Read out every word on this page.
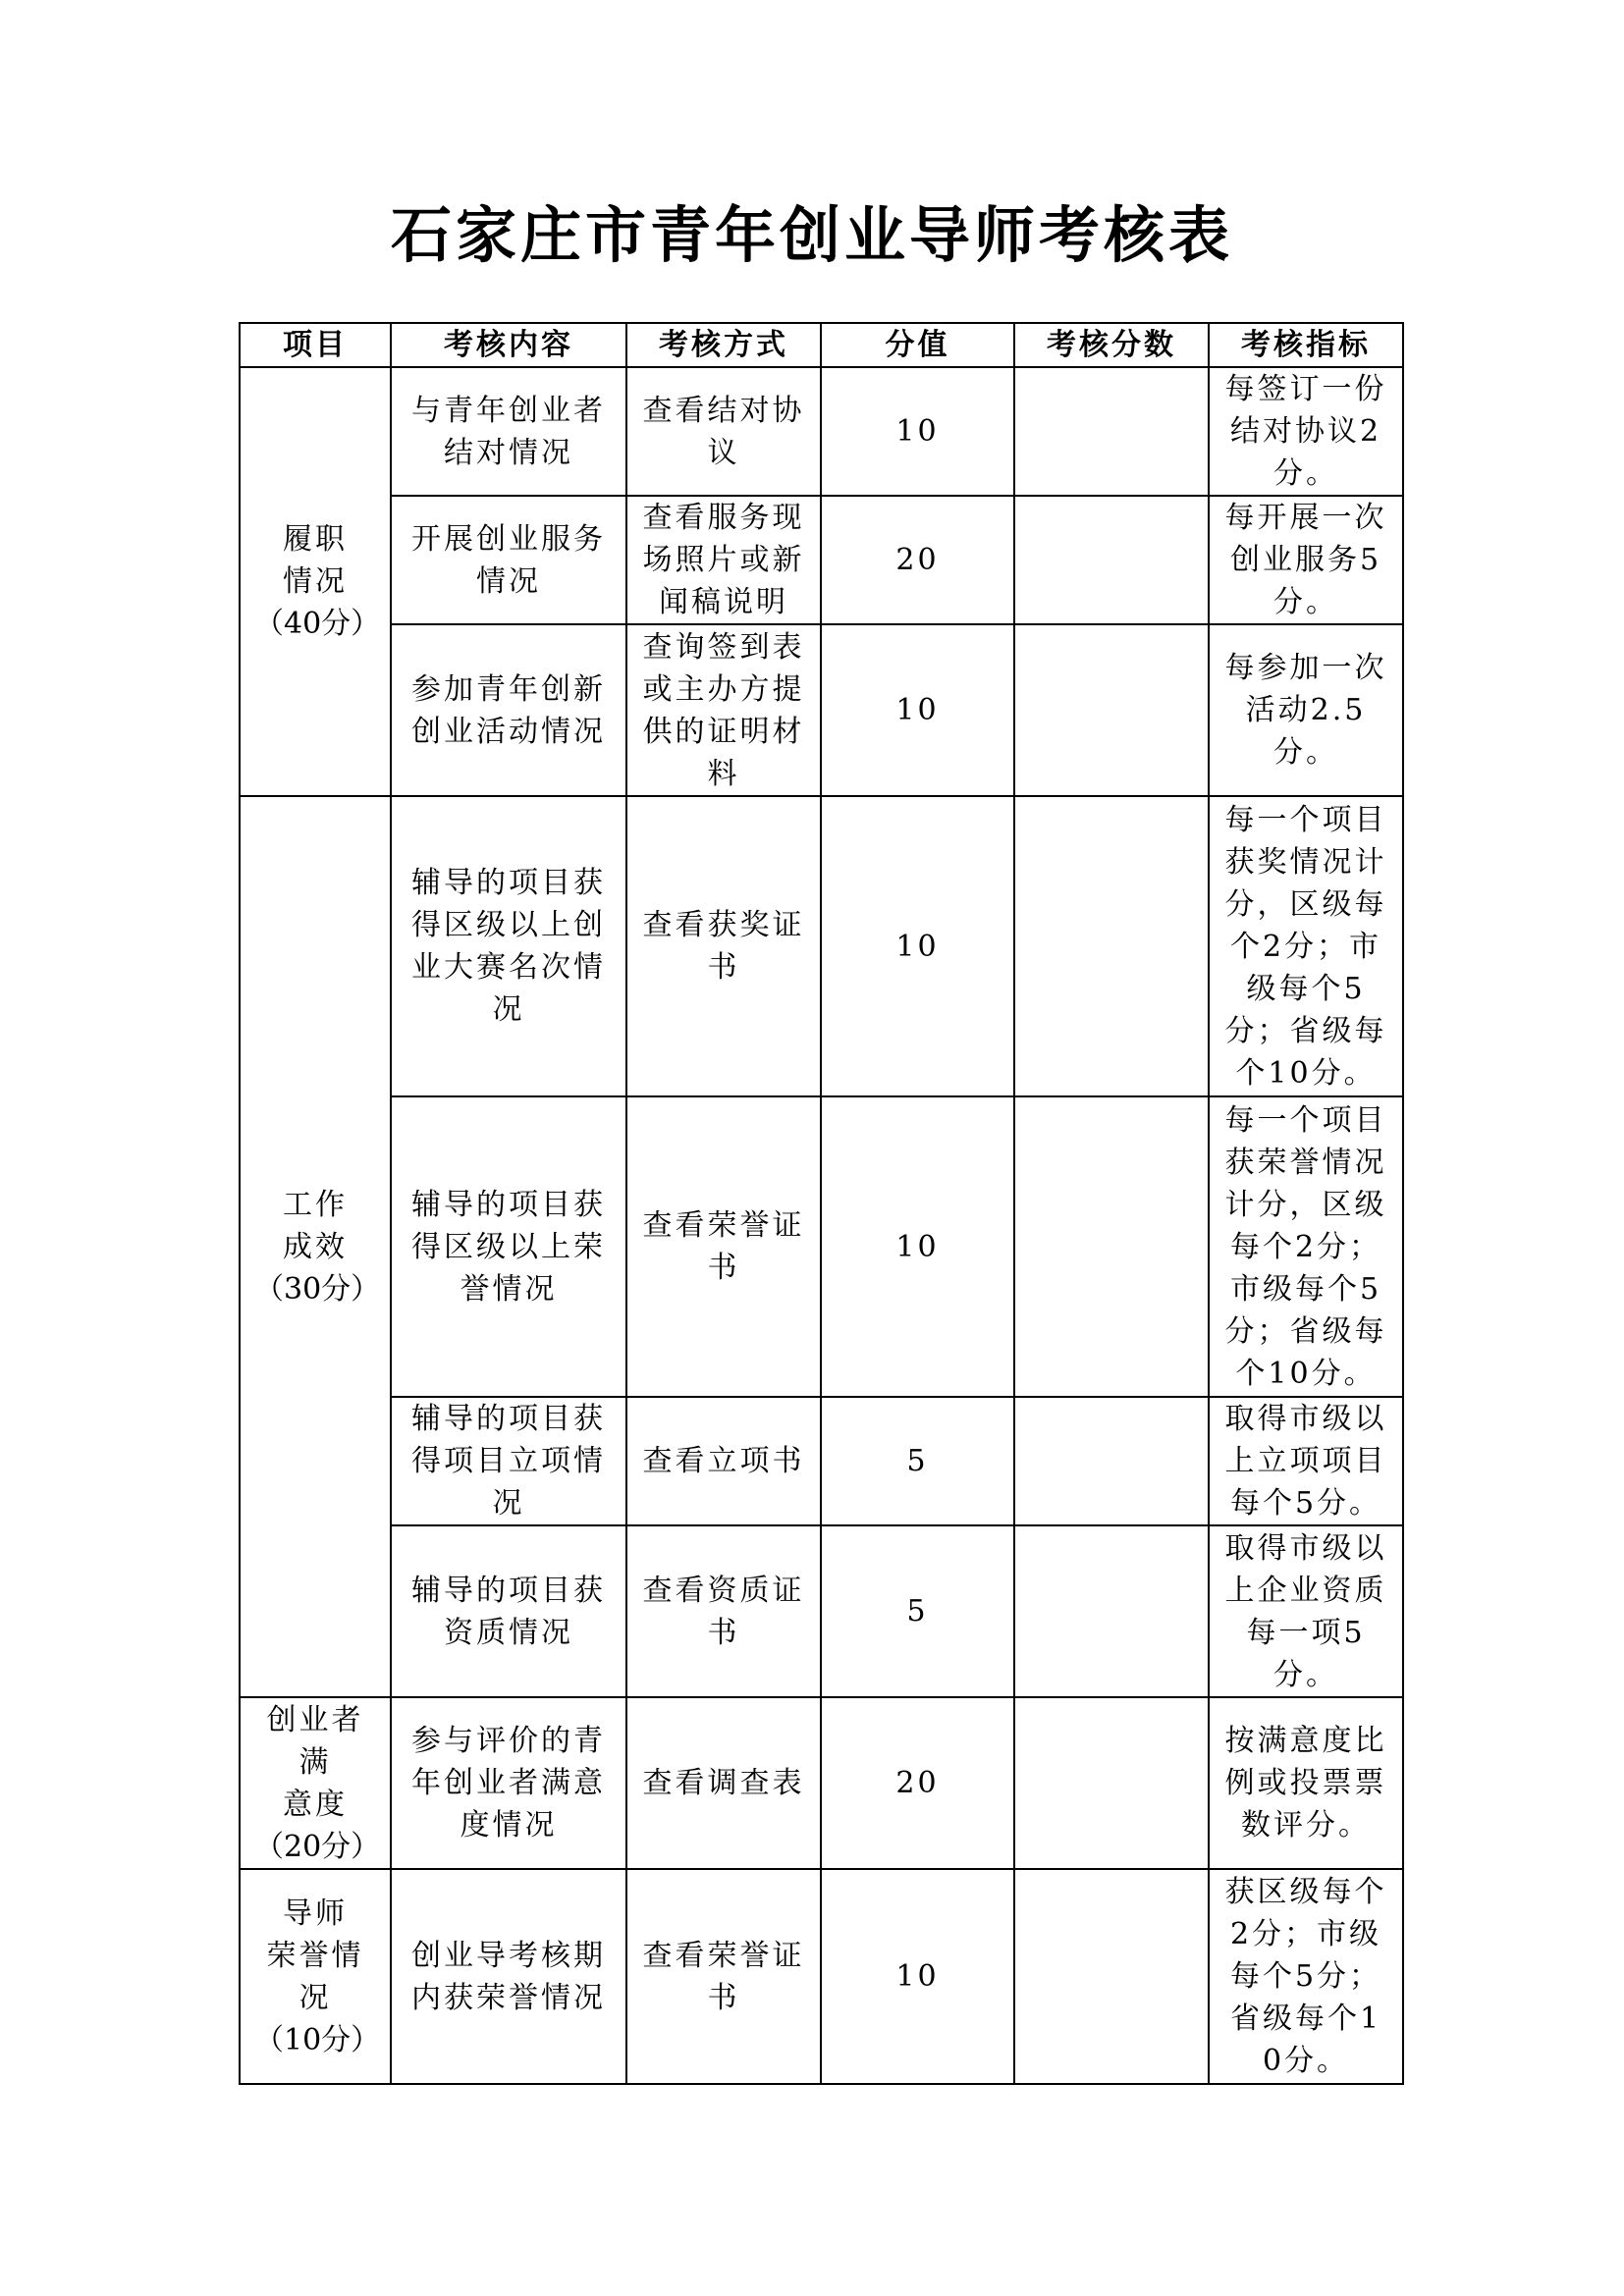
石家庄市青年创业导师考核表
项目	考核内容	考核方式	分值	考核分数	考核指标

履职
情况
（40分）	与青年创业者结对情况	查看结对协议	10		每签订一份结对协议2分。
	开展创业服务情况	查看服务现场照片或新闻稿说明	20		每开展一次创业服务5分。
	参加青年创新创业活动情况	查询签到表或主办方提供的证明材料	10		每参加一次活动2.5分。

工作
成效
（30分）	辅导的项目获得区级以上创业大赛名次情况	查看获奖证书	10		每一个项目获奖情况计分，区级每个2分；市级每个5分；省级每个10分。
	辅导的项目获得区级以上荣誉情况	查看荣誉证书	10		每一个项目获荣誉情况计分，区级每个2分；市级每个5分；省级每个10分。
	辅导的项目获得项目立项情况	查看立项书	5		取得市级以上立项项目每个5分。
	辅导的项目获资质情况	查看资质证书	5		取得市级以上企业资质每一项5分。

创业者满
意度
（20分）	参与评价的青年创业者满意度情况	查看调查表	20		按满意度比例或投票票数评分。

导师
荣誉情况
（10分）	创业导考核期内获荣誉情况	查看荣誉证书	10		获区级每个2分；市级每个5分；省级每个10分。
